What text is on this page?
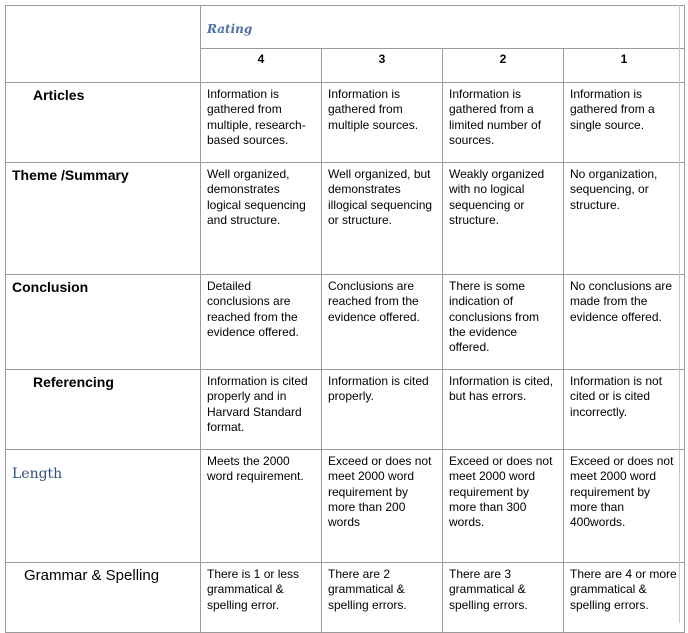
	Rating			

	4	3	2	1

Articles	Information is gathered from multiple, research-based sources.	Information is gathered from multiple sources.	Information is gathered from a limited number of sources.	Information is gathered from a single source.

Theme /Summary	Well organized, demonstrates logical sequencing and structure.	Well organized, but demonstrates illogical sequencing or structure.	Weakly organized with no logical sequencing or structure.	No organization, sequencing, or structure.

Conclusion	Detailed conclusions are reached from the evidence offered.	Conclusions are reached from the evidence offered.	There is some indication of conclusions from the evidence offered.	No conclusions are made from the evidence offered.

Referencing	Information is cited properly and in Harvard Standard format.	Information is cited properly.	Information is cited, but has errors.	Information is not cited or is cited incorrectly.

Length	Meets the 2000 word requirement.	Exceed or does not meet 2000 word requirement by more than 200 words	Exceed or does not meet 2000 word requirement by more than 300 words.	Exceed or does not meet 2000 word requirement by more than 400words.

Grammar & Spelling	There is 1 or less grammatical & spelling error.	There are 2 grammatical & spelling errors.	There are 3 grammatical & spelling errors.	There are 4 or more grammatical & spelling errors.
